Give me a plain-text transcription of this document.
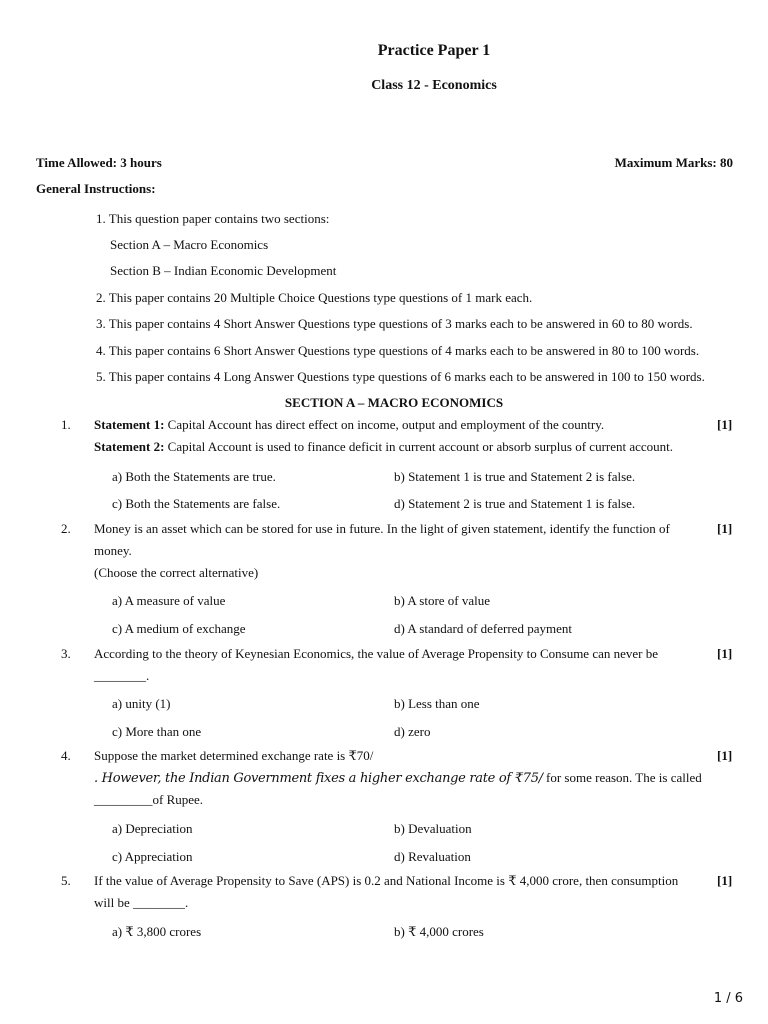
Practice Paper 1
Class 12 - Economics
Time Allowed: 3 hours	Maximum Marks: 80
General Instructions:
1. This question paper contains two sections:
Section A – Macro Economics
Section B – Indian Economic Development
2. This paper contains 20 Multiple Choice Questions type questions of 1 mark each.
3. This paper contains 4 Short Answer Questions type questions of 3 marks each to be answered in 60 to 80 words.
4. This paper contains 6 Short Answer Questions type questions of 4 marks each to be answered in 80 to 100 words.
5. This paper contains 4 Long Answer Questions type questions of 6 marks each to be answered in 100 to 150 words.
SECTION A – MACRO ECONOMICS
1. Statement 1: Capital Account has direct effect on income, output and employment of the country.	[1]
Statement 2: Capital Account is used to finance deficit in current account or absorb surplus of current account.
a) Both the Statements are true.	b) Statement 1 is true and Statement 2 is false.
c) Both the Statements are false.	d) Statement 2 is true and Statement 1 is false.
2. Money is an asset which can be stored for use in future. In the light of given statement, identify the function of	[1]
money.
(Choose the correct alternative)
a) A measure of value	b) A store of value
c) A medium of exchange	d) A standard of deferred payment
3. According to the theory of Keynesian Economics, the value of Average Propensity to Consume can never be	[1]
________.
a) unity (1)	b) Less than one
c) More than one	d) zero
4. Suppose the market determined exchange rate is ₹70/	[1]
. However, the Indian Government fixes a higher exchange rate of ₹75/ for some reason. The is called
_________of Rupee.
a) Depreciation	b) Devaluation
c) Appreciation	d) Revaluation
5. If the value of Average Propensity to Save (APS) is 0.2 and National Income is ₹ 4,000 crore, then consumption	[1]
will be ________.
a) ₹ 3,800 crores	b) ₹ 4,000 crores
1 / 6
